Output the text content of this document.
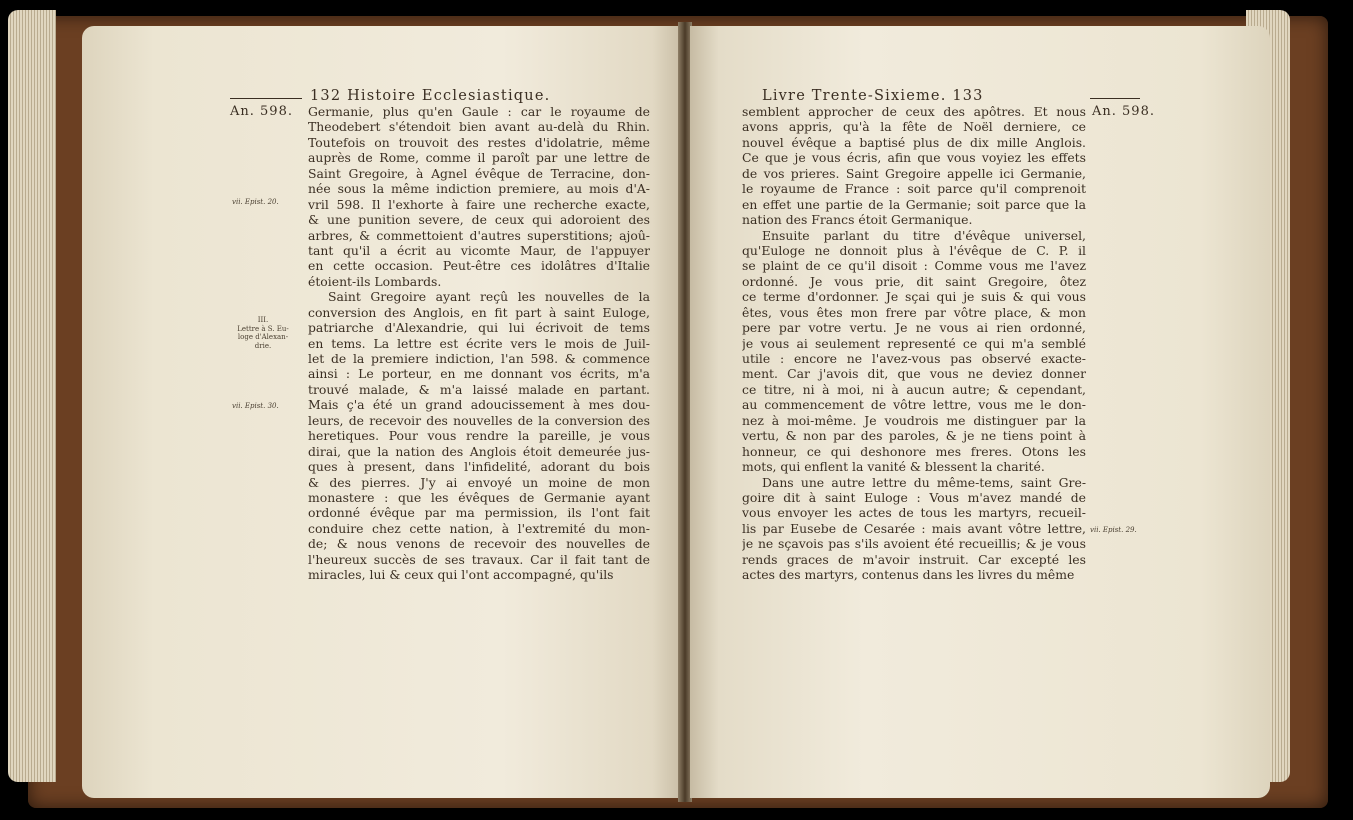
132 Histoire Ecclesiastique.
An. 598.
vii. Epist. 20.
III.
Lettre à S. Eu-
loge d'Alexan-
drie.
vii. Epist. 30.
Germanie, plus qu'en Gaule : car le royaume de
Theodebert s'étendoit bien avant au-delà du Rhin.
Toutefois on trouvoit des restes d'idolatrie, même
auprès de Rome, comme il paroît par une lettre de
Saint Gregoire, à Agnel évêque de Terracine, don-
née sous la même indiction premiere, au mois d'A-
vril 598. Il l'exhorte à faire une recherche exacte,
& une punition severe, de ceux qui adoroient des
arbres, & commettoient d'autres superstitions; ajoû-
tant qu'il a écrit au vicomte Maur, de l'appuyer
en cette occasion. Peut-être ces idolâtres d'Italie
étoient-ils Lombards.
Saint Gregoire ayant reçû les nouvelles de la
conversion des Anglois, en fit part à saint Euloge,
patriarche d'Alexandrie, qui lui écrivoit de tems
en tems. La lettre est écrite vers le mois de Juil-
let de la premiere indiction, l'an 598. & commence
ainsi : Le porteur, en me donnant vos écrits, m'a
trouvé malade, & m'a laissé malade en partant.
Mais ç'a été un grand adoucissement à mes dou-
leurs, de recevoir des nouvelles de la conversion des
heretiques. Pour vous rendre la pareille, je vous
dirai, que la nation des Anglois étoit demeurée jus-
ques à present, dans l'infidelité, adorant du bois
& des pierres. J'y ai envoyé un moine de mon
monastere : que les évêques de Germanie ayant
ordonné évêque par ma permission, ils l'ont fait
conduire chez cette nation, à l'extremité du mon-
de; & nous venons de recevoir des nouvelles de
l'heureux succès de ses travaux. Car il fait tant de
miracles, lui & ceux qui l'ont accompagné, qu'ils
Livre Trente-Sixieme. 133
An. 598.
vii. Epist. 29.
semblent approcher de ceux des apôtres. Et nous
avons appris, qu'à la fête de Noël derniere, ce
nouvel évêque a baptisé plus de dix mille Anglois.
Ce que je vous écris, afin que vous voyiez les effets
de vos prieres. Saint Gregoire appelle ici Germanie,
le royaume de France : soit parce qu'il comprenoit
en effet une partie de la Germanie; soit parce que la
nation des Francs étoit Germanique.
Ensuite parlant du titre d'évêque universel,
qu'Euloge ne donnoit plus à l'évêque de C. P. il
se plaint de ce qu'il disoit : Comme vous me l'avez
ordonné. Je vous prie, dit saint Gregoire, ôtez
ce terme d'ordonner. Je sçai qui je suis & qui vous
êtes, vous êtes mon frere par vôtre place, & mon
pere par votre vertu. Je ne vous ai rien ordonné,
je vous ai seulement representé ce qui m'a semblé
utile : encore ne l'avez-vous pas observé exacte-
ment. Car j'avois dit, que vous ne deviez donner
ce titre, ni à moi, ni à aucun autre; & cependant,
au commencement de vôtre lettre, vous me le don-
nez à moi-même. Je voudrois me distinguer par la
vertu, & non par des paroles, & je ne tiens point à
honneur, ce qui deshonore mes freres. Otons les
mots, qui enflent la vanité & blessent la charité.
Dans une autre lettre du même-tems, saint Gre-
goire dit à saint Euloge : Vous m'avez mandé de
vous envoyer les actes de tous les martyrs, recueil-
lis par Eusebe de Cesarée : mais avant vôtre lettre,
je ne sçavois pas s'ils avoient été recueillis; & je vous
rends graces de m'avoir instruit. Car excepté les
actes des martyrs, contenus dans les livres du même
